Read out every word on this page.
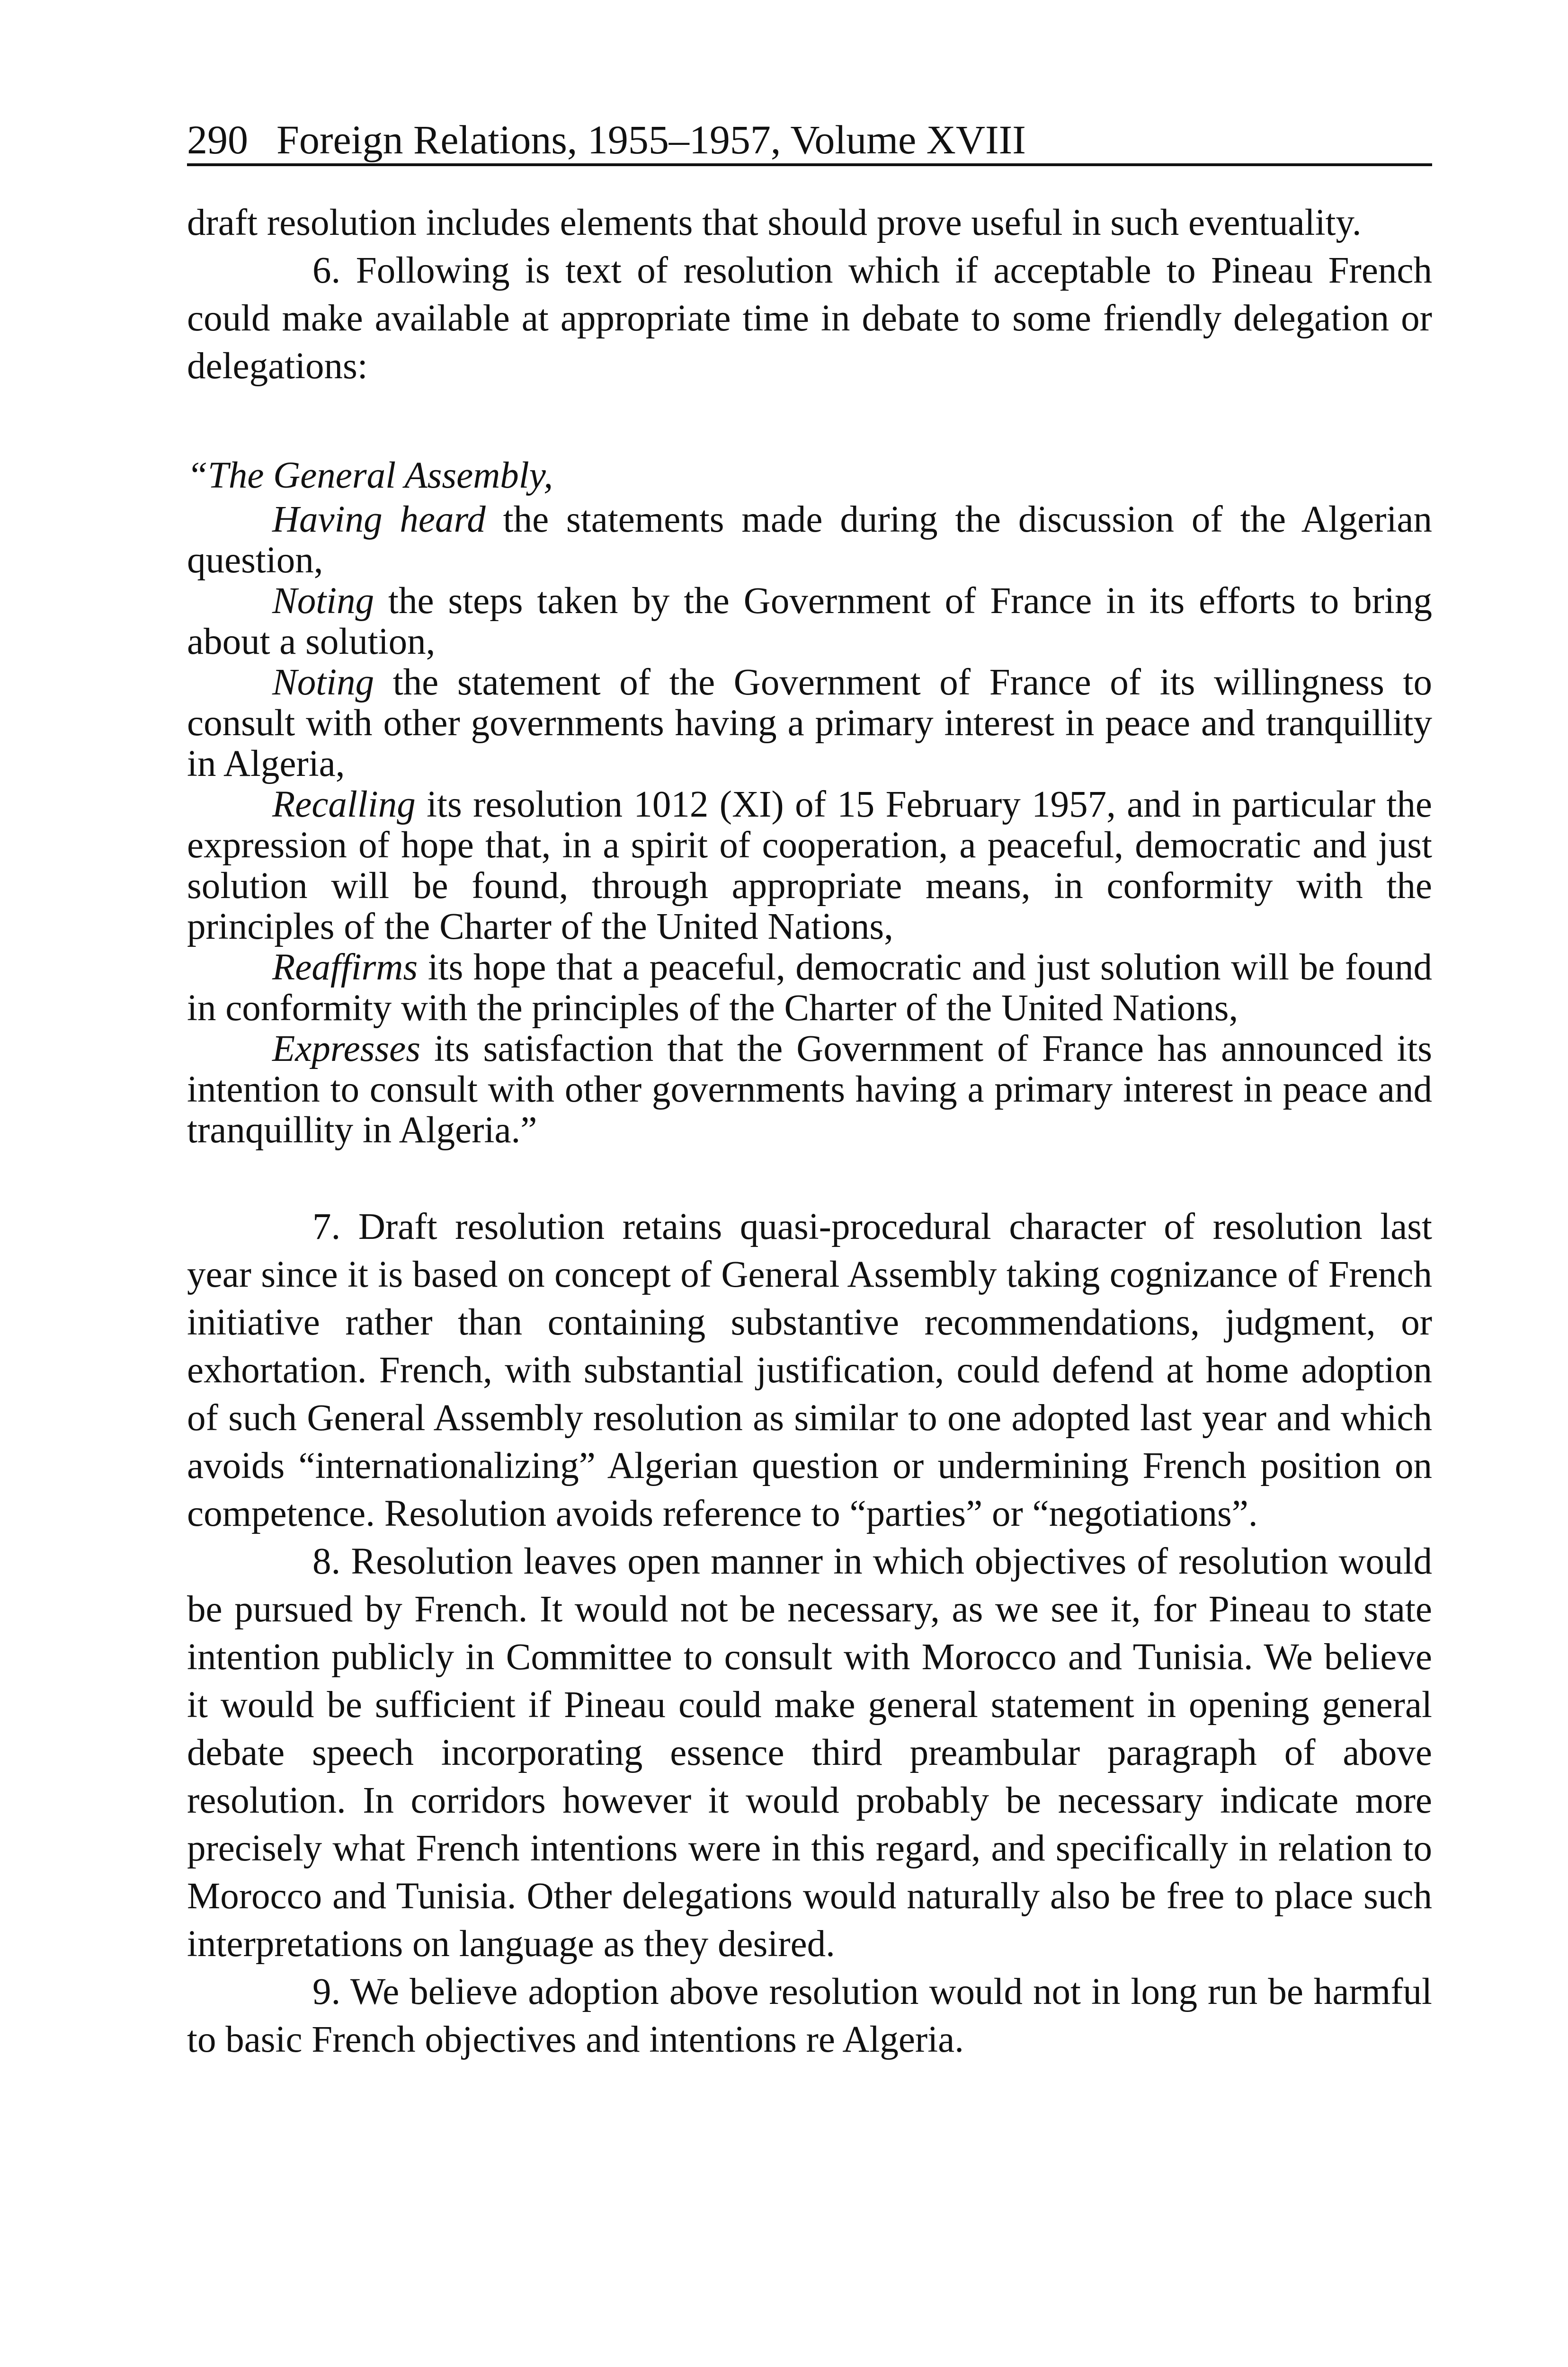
290 Foreign Relations, 1955–1957, Volume XVIII

draft resolution includes elements that should prove useful in such eventuality.

6. Following is text of resolution which if acceptable to Pineau French could make available at appropriate time in debate to some friendly delegation or delegations:

“The General Assembly,

Having heard the statements made during the discussion of the Algerian question,

Noting the steps taken by the Government of France in its efforts to bring about a solution,

Noting the statement of the Government of France of its willingness to consult with other governments having a primary interest in peace and tranquillity in Algeria,

Recalling its resolution 1012 (XI) of 15 February 1957, and in particular the expression of hope that, in a spirit of cooperation, a peaceful, democratic and just solution will be found, through appropriate means, in conformity with the principles of the Charter of the United Nations,

Reaffirms its hope that a peaceful, democratic and just solution will be found in conformity with the principles of the Charter of the United Nations,

Expresses its satisfaction that the Government of France has announced its intention to consult with other governments having a primary interest in peace and tranquillity in Algeria.”

7. Draft resolution retains quasi-procedural character of resolution last year since it is based on concept of General Assembly taking cognizance of French initiative rather than containing substantive recommendations, judgment, or exhortation. French, with substantial justification, could defend at home adoption of such General Assembly resolution as similar to one adopted last year and which avoids “internationalizing” Algerian question or undermining French position on competence. Resolution avoids reference to “parties” or “negotiations”.

8. Resolution leaves open manner in which objectives of resolution would be pursued by French. It would not be necessary, as we see it, for Pineau to state intention publicly in Committee to consult with Morocco and Tunisia. We believe it would be sufficient if Pineau could make general statement in opening general debate speech incorporating essence third preambular paragraph of above resolution. In corridors however it would probably be necessary indicate more precisely what French intentions were in this regard, and specifically in relation to Morocco and Tunisia. Other delegations would naturally also be free to place such interpretations on language as they desired.

9. We believe adoption above resolution would not in long run be harmful to basic French objectives and intentions re Algeria.
